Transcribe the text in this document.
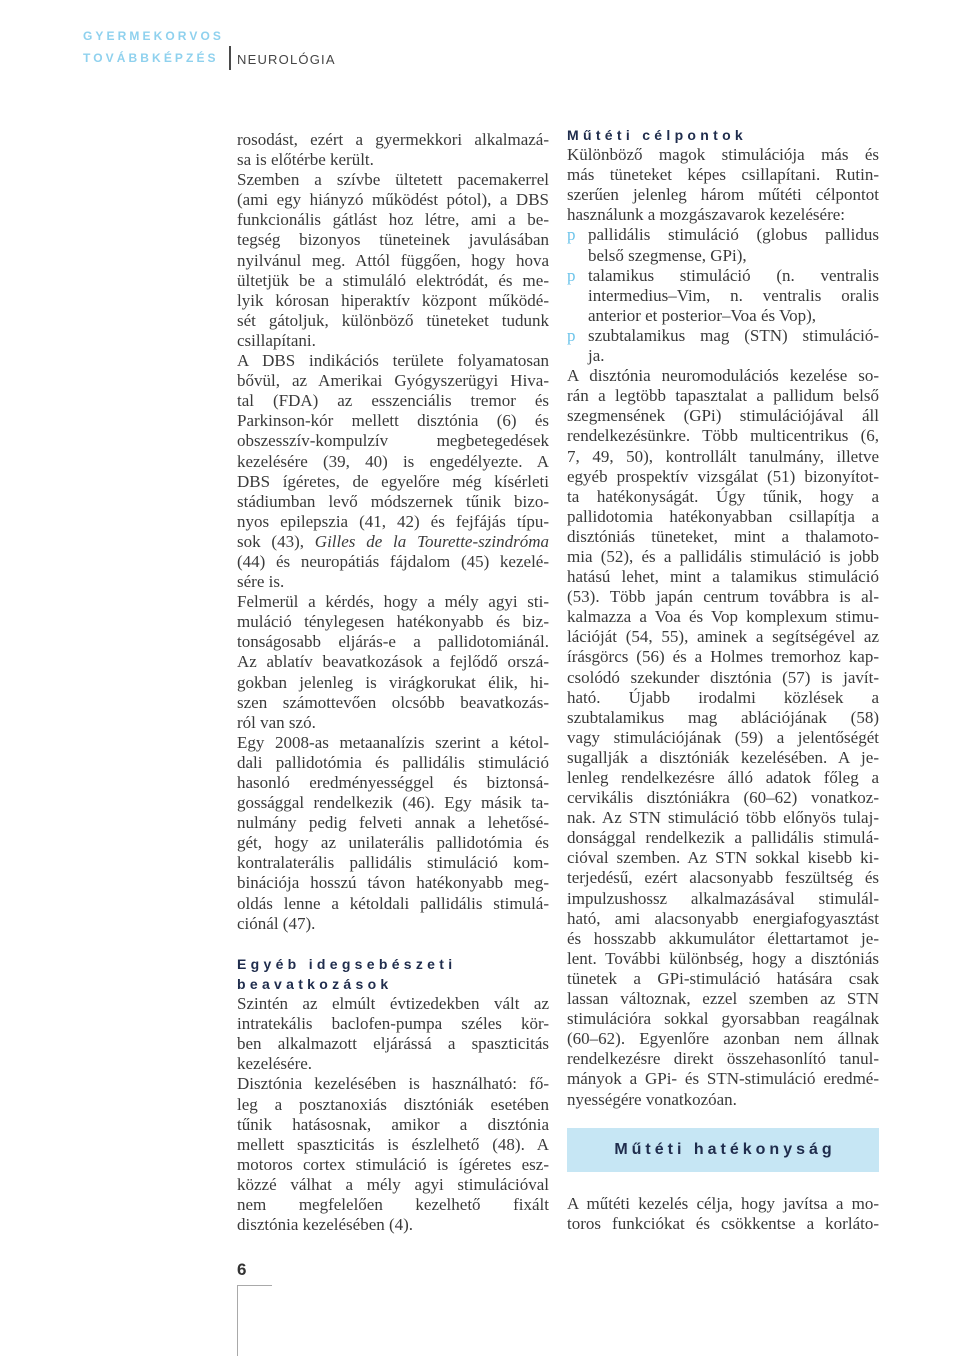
GYERMEKORVOS
TOVÁBBKÉPZÉS NEUROLÓGIA
rosodást, ezért a gyermekkori alkalmazá-
sa is előtérbe került.
Szemben a szívbe ültetett pacemakerrel
(ami egy hiányzó működést pótol), a DBS
funkcionális gátlást hoz létre, ami a be-
tegség bizonyos tüneteinek javulásában
nyilvánul meg. Attól függően, hogy hova
ültetjük be a stimuláló elektródát, és me-
lyik kórosan hiperaktív központ működé-
sét gátoljuk, különböző tüneteket tudunk
csillapítani.
A DBS indikációs területe folyamatosan
bővül, az Amerikai Gyógyszerügyi Hiva-
tal (FDA) az esszenciális tremor és
Parkinson-kór mellett disztónia (6) és
obszesszív-kompulzív megbetegedések
kezelésére (39, 40) is engedélyezte. A
DBS ígéretes, de egyelőre még kísérleti
stádiumban levő módszernek tűnik bizo-
nyos epilepszia (41, 42) és fejfájás típu-
sok (43), Gilles de la Tourette-szindróma
(44) és neuropátiás fájdalom (45) kezelé-
sére is.
Felmerül a kérdés, hogy a mély agyi sti-
muláció ténylegesen hatékonyabb és biz-
tonságosabb eljárás-e a pallidotomiánál.
Az ablatív beavatkozások a fejlődő orszá-
gokban jelenleg is virágkorukat élik, hi-
szen számottevően olcsóbb beavatkozás-
ról van szó.
Egy 2008-as metaanalízis szerint a kétol-
dali pallidotómia és pallidális stimuláció
hasonló eredményességgel és biztonsá-
gossággal rendelkezik (46). Egy másik ta-
nulmány pedig felveti annak a lehetősé-
gét, hogy az unilaterális pallidotómia és
kontralaterális pallidális stimuláció kom-
binációja hosszú távon hatékonyabb meg-
oldás lenne a kétoldali pallidális stimulá-
ciónál (47).
Egyéb idegsebészeti
beavatkozások
Szintén az elmúlt évtizedekben vált az
intratekális baclofen-pumpa széles kör-
ben alkalmazott eljárássá a spaszticitás
kezelésére.
Disztónia kezelésében is használható: fő-
leg a posztanoxiás disztóniák esetében
tűnik hatásosnak, amikor a disztónia
mellett spaszticitás is észlelhető (48). A
motoros cortex stimuláció is ígéretes esz-
közzé válhat a mély agyi stimulációval
nem megfelelően kezelhető fixált
disztónia kezelésében (4).
Műtéti célpontok
Különböző magok stimulációja más és
más tüneteket képes csillapítani. Rutin-
szerűen jelenleg három műtéti célpontot
használunk a mozgászavarok kezelésére:
p pallidális stimuláció (globus pallidus
belső szegmense, GPi),
p talamikus stimuláció (n. ventralis
intermedius–Vim, n. ventralis oralis
anterior et posterior–Voa és Vop),
p szubtalamikus mag (STN) stimuláció-
ja.
A disztónia neuromodulációs kezelése so-
rán a legtöbb tapasztalat a pallidum belső
szegmensének (GPi) stimulációjával áll
rendelkezésünkre. Több multicentrikus (6,
7, 49, 50), kontrollált tanulmány, illetve
egyéb prospektív vizsgálat (51) bizonyítot-
ta hatékonyságát. Úgy tűnik, hogy a
pallidotomia hatékonyabban csillapítja a
disztóniás tüneteket, mint a thalamoto-
mia (52), és a pallidális stimuláció is jobb
hatású lehet, mint a talamikus stimuláció
(53). Több japán centrum továbbra is al-
kalmazza a Voa és Vop komplexum stimu-
lációját (54, 55), aminek a segítségével az
írásgörcs (56) és a Holmes tremorhoz kap-
csolódó szekunder disztónia (57) is javít-
ható. Újabb irodalmi közlések a
szubtalamikus mag ablációjának (58)
vagy stimulációjának (59) a jelentőségét
sugallják a disztóniák kezelésében. A je-
lenleg rendelkezésre álló adatok főleg a
cervikális disztóniákra (60–62) vonatkoz-
nak. Az STN stimuláció több előnyös tulaj-
donsággal rendelkezik a pallidális stimulá-
cióval szemben. Az STN sokkal kisebb ki-
terjedésű, ezért alacsonyabb feszültség és
impulzushossz alkalmazásával stimulál-
ható, ami alacsonyabb energiafogyasztást
és hosszabb akkumulátor élettartamot je-
lent. További különbség, hogy a disztóniás
tünetek a GPi-stimuláció hatására csak
lassan változnak, ezzel szemben az STN
stimulációra sokkal gyorsabban reagálnak
(60–62). Egyenlőre azonban nem állnak
rendelkezésre direkt összehasonlító tanul-
mányok a GPi- és STN-stimuláció eredmé-
nyességére vonatkozóan.
Műtéti hatékonyság
A műtéti kezelés célja, hogy javítsa a mo-
toros funkciókat és csökkentse a korláto-
6
